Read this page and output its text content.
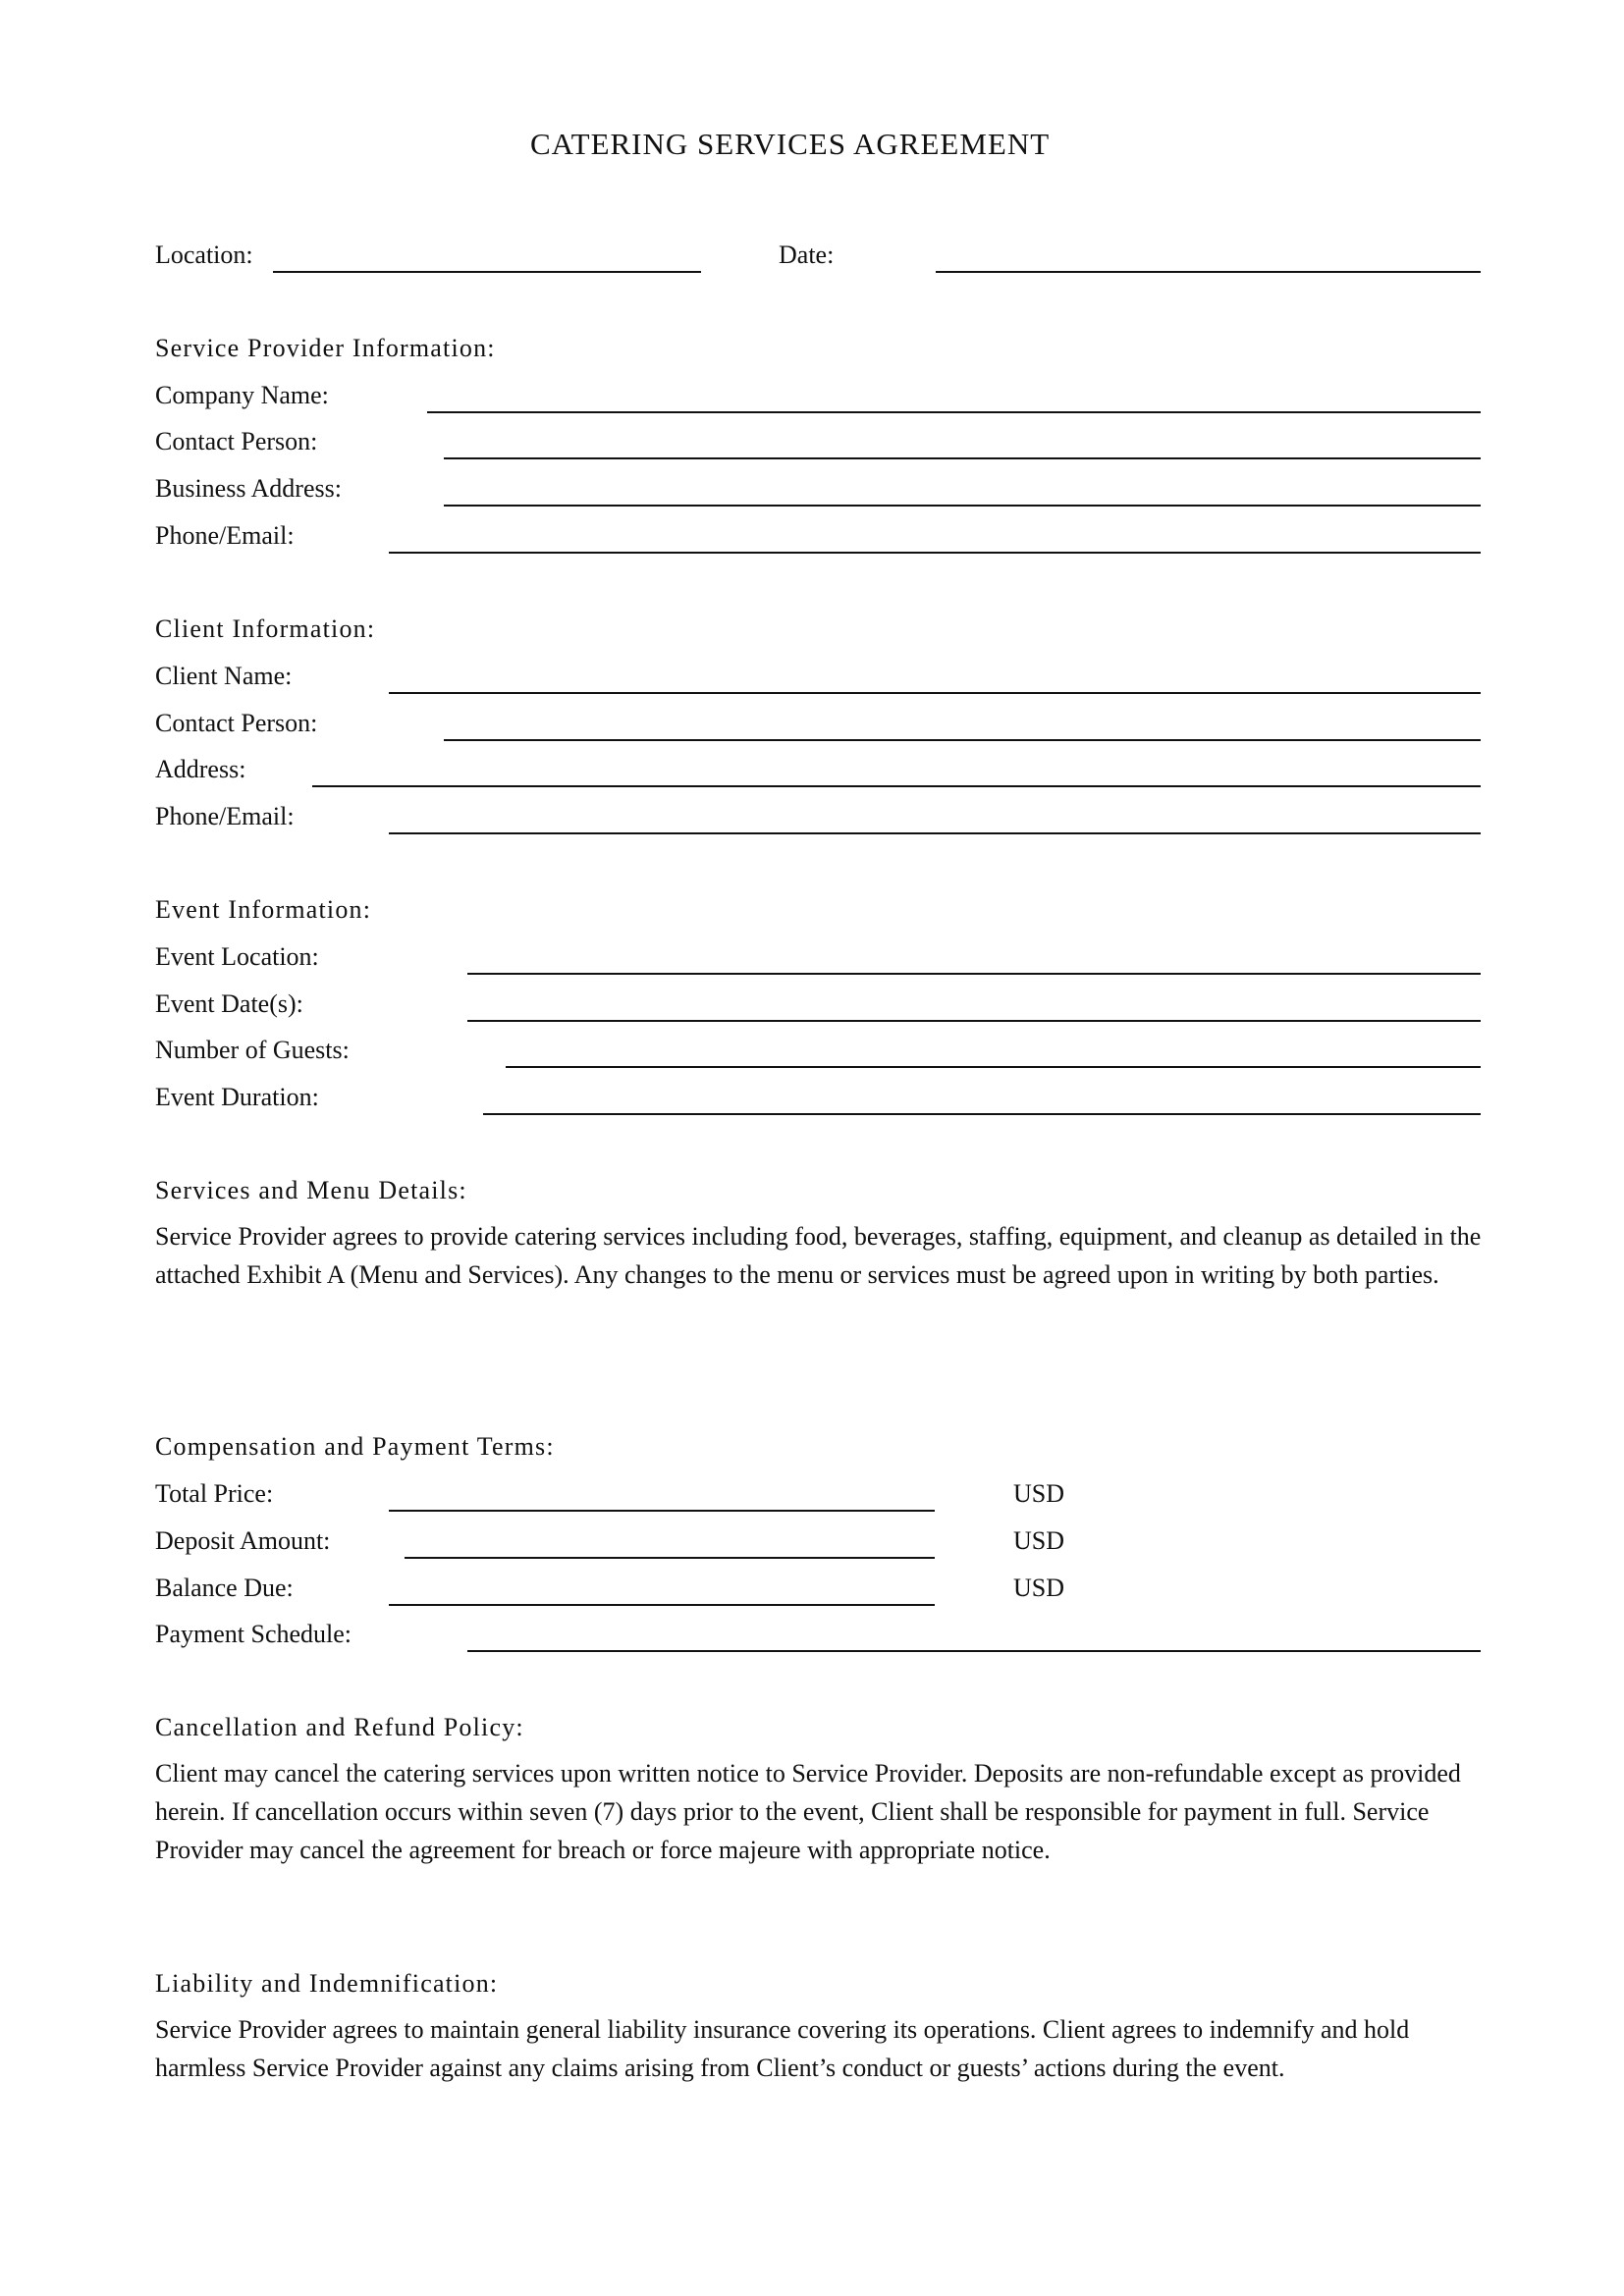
CATERING SERVICES AGREEMENT
Location:	Date:
Service Provider Information:
Company Name:
Contact Person:
Business Address:
Phone/Email:
Client Information:
Client Name:
Contact Person:
Address:
Phone/Email:
Event Information:
Event Location:
Event Date(s):
Number of Guests:
Event Duration:
Services and Menu Details:
Service Provider agrees to provide catering services including food, beverages, staffing, equipment, and cleanup as detailed in the attached Exhibit A (Menu and Services). Any changes to the menu or services must be agreed upon in writing by both parties.
Compensation and Payment Terms:
Total Price:	USD
Deposit Amount:	USD
Balance Due:	USD
Payment Schedule:
Cancellation and Refund Policy:
Client may cancel the catering services upon written notice to Service Provider. Deposits are non-refundable except as provided herein. If cancellation occurs within seven (7) days prior to the event, Client shall be responsible for payment in full. Service Provider may cancel the agreement for breach or force majeure with appropriate notice.
Liability and Indemnification:
Service Provider agrees to maintain general liability insurance covering its operations. Client agrees to indemnify and hold harmless Service Provider against any claims arising from Client’s conduct or guests’ actions during the event.
